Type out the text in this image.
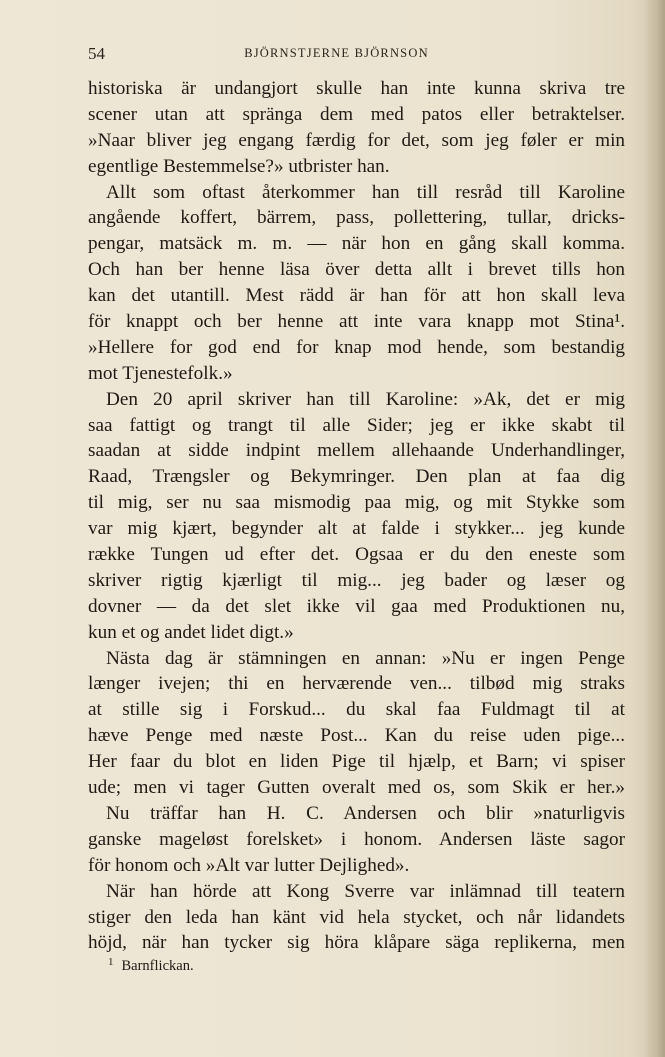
54	BJÖRNSTJERNE BJÖRNSON
historiska är undangjort skulle han inte kunna skriva tre
scener utan att spränga dem med patos eller betraktelser.
»Naar bliver jeg engang færdig for det, som jeg føler er min
egentlige Bestemmelse?» utbrister han.
Allt som oftast återkommer han till resråd till Karoline
angående koffert, bärrem, pass, pollettering, tullar, dricks-
pengar, matsäck m. m. — när hon en gång skall komma.
Och han ber henne läsa över detta allt i brevet tills hon
kan det utantill. Mest rädd är han för att hon skall leva
för knappt och ber henne att inte vara knapp mot Stina¹.
»Hellere for god end for knap mod hende, som bestandig
mot Tjenestefolk.»
Den 20 april skriver han till Karoline: »Ak, det er mig
saa fattigt og trangt til alle Sider; jeg er ikke skabt til
saadan at sidde indpint mellem allehaande Underhandlinger,
Raad, Trængsler og Bekymringer. Den plan at faa dig
til mig, ser nu saa mismodig paa mig, og mit Stykke som
var mig kjært, begynder alt at falde i stykker... jeg kunde
række Tungen ud efter det. Ogsaa er du den eneste som
skriver rigtig kjærligt til mig... jeg bader og læser og
dovner — da det slet ikke vil gaa med Produktionen nu,
kun et og andet lidet digt.»
Nästa dag är stämningen en annan: »Nu er ingen Penge
længer ivejen; thi en herværende ven... tilbød mig straks
at stille sig i Forskud... du skal faa Fuldmagt til at
hæve Penge med næste Post... Kan du reise uden pige...
Her faar du blot en liden Pige til hjælp, et Barn; vi spiser
ude; men vi tager Gutten overalt med os, som Skik er her.»
Nu träffar han H. C. Andersen och blir »naturligvis
ganske mageløst forelsket» i honom. Andersen läste sagor
för honom och »Alt var lutter Dejlighed».
När han hörde att Kong Sverre var inlämnad till teatern
stiger den leda han känt vid hela stycket, och når lidandets
höjd, när han tycker sig höra klåpare säga replikerna, men
$^1$ Barnflickan.
